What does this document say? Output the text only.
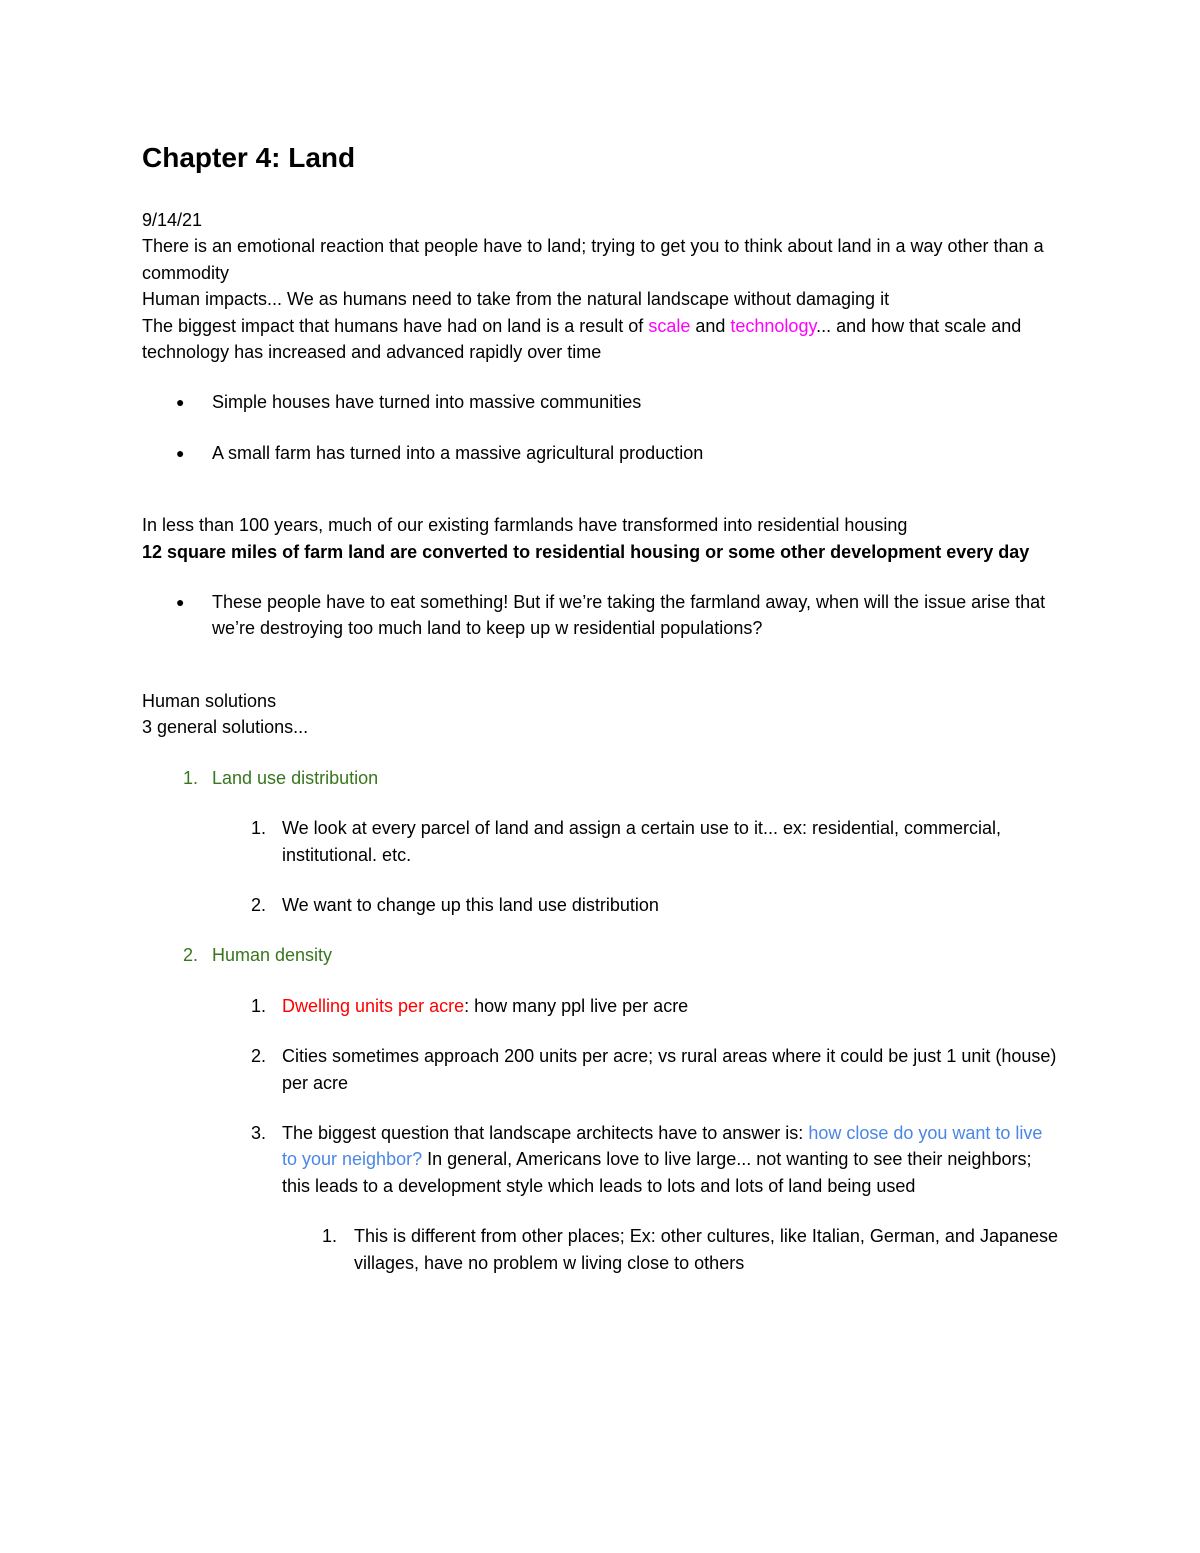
Chapter 4: Land

9/14/21

There is an emotional reaction that people have to land; trying to get you to think about land in a way other than a commodity

Human impacts... We as humans need to take from the natural landscape without damaging it

The biggest impact that humans have had on land is a result of scale and technology... and how that scale and technology has increased and advanced rapidly over time

● Simple houses have turned into massive communities
● A small farm has turned into a massive agricultural production

In less than 100 years, much of our existing farmlands have transformed into residential housing

12 square miles of farm land are converted to residential housing or some other development every day

● These people have to eat something! But if we’re taking the farmland away, when will the issue arise that we’re destroying too much land to keep up w residential populations?

Human solutions

3 general solutions...

1. Land use distribution
1. We look at every parcel of land and assign a certain use to it... ex: residential, commercial, institutional. etc.
2. We want to change up this land use distribution
2. Human density
1. Dwelling units per acre: how many ppl live per acre
2. Cities sometimes approach 200 units per acre; vs rural areas where it could be just 1 unit (house) per acre
3. The biggest question that landscape architects have to answer is: how close do you want to live to your neighbor? In general, Americans love to live large... not wanting to see their neighbors; this leads to a development style which leads to lots and lots of land being used
1. This is different from other places; Ex: other cultures, like Italian, German, and Japanese villages, have no problem w living close to others
